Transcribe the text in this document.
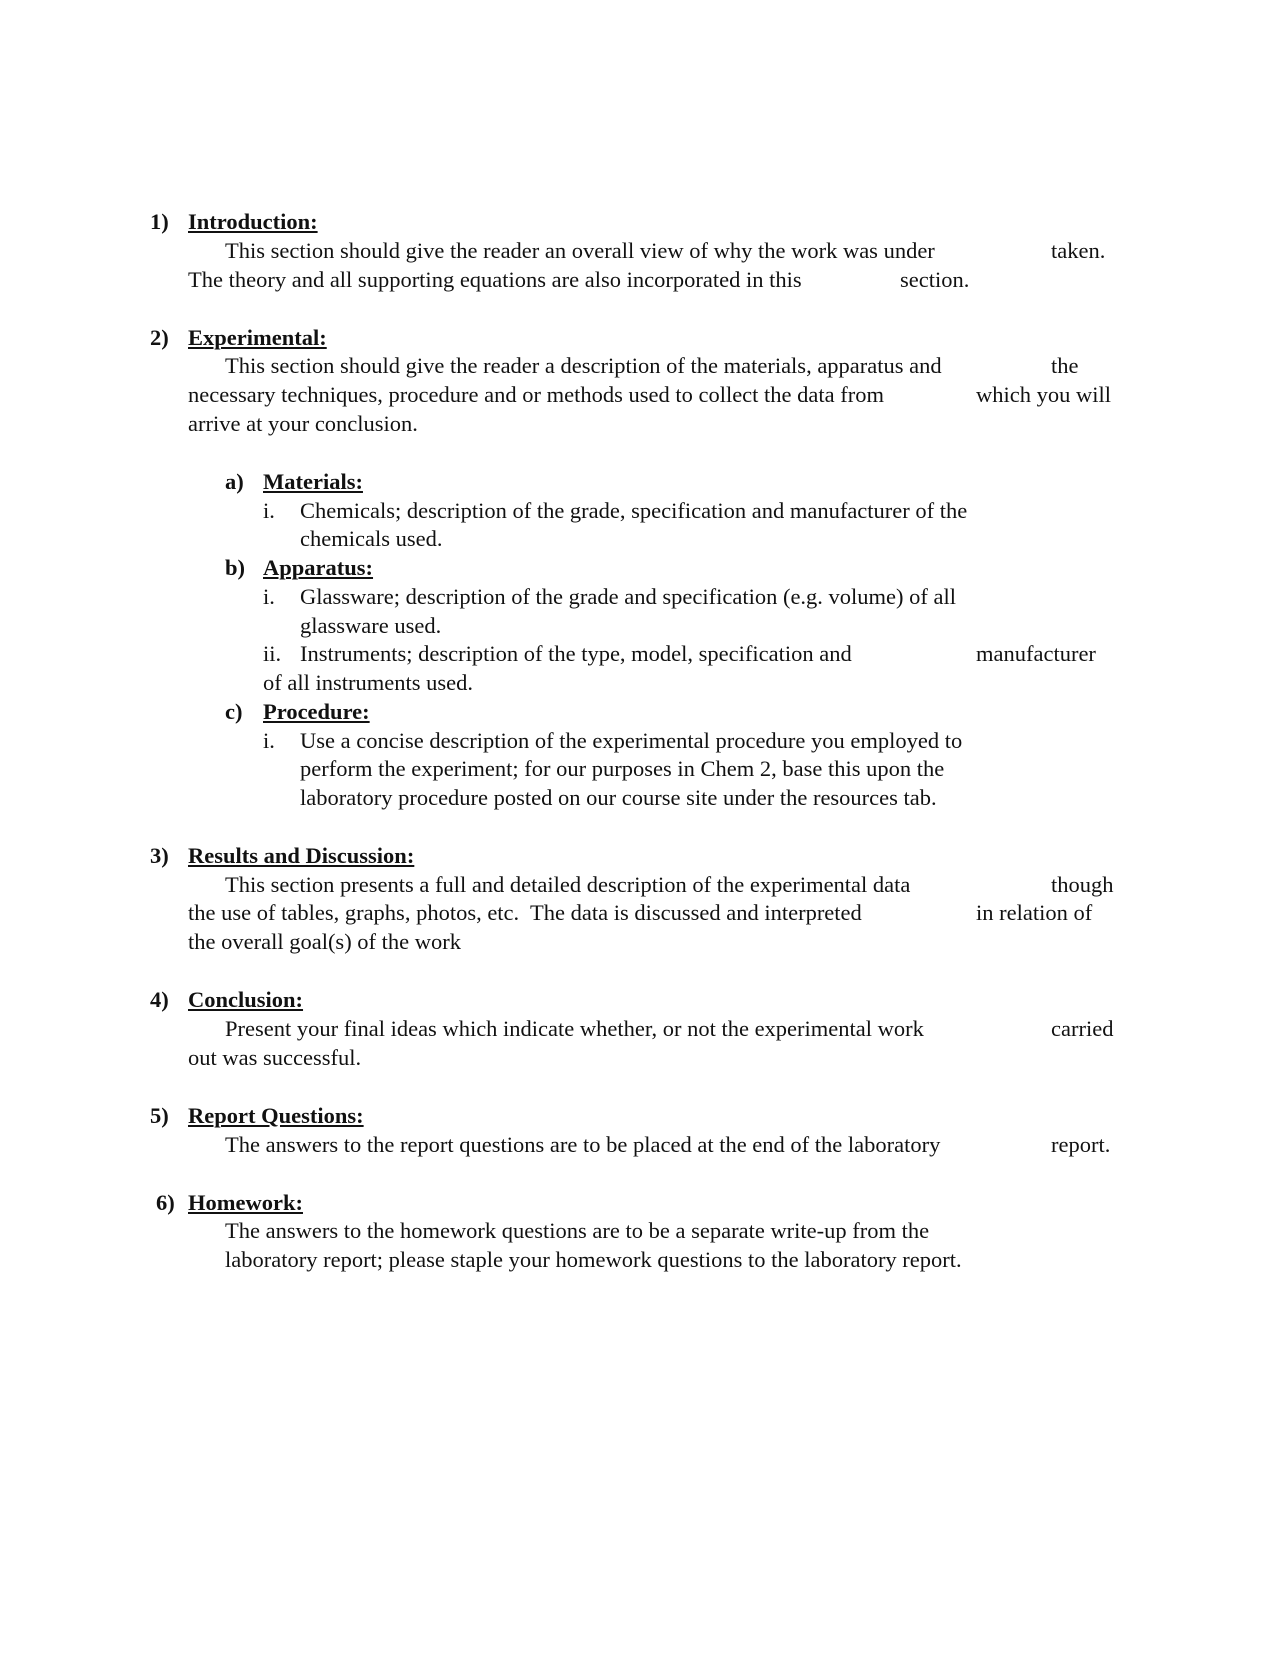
1) Introduction:
This section should give the reader an overall view of why the work was under	taken.
The theory and all supporting equations are also incorporated in this	section.
2) Experimental:
This section should give the reader a description of the materials, apparatus and	the
necessary techniques, procedure and or methods used to collect the data from	which you will
arrive at your conclusion.
a) Materials:
i. Chemicals; description of the grade, specification and manufacturer of the
chemicals used.
b) Apparatus:
i. Glassware; description of the grade and specification (e.g. volume) of all
glassware used.
ii. Instruments; description of the type, model, specification and	manufacturer
of all instruments used.
c) Procedure:
i. Use a concise description of the experimental procedure you employed to
perform the experiment; for our purposes in Chem 2, base this upon the
laboratory procedure posted on our course site under the resources tab.
3) Results and Discussion:
This section presents a full and detailed description of the experimental data	though
the use of tables, graphs, photos, etc.  The data is discussed and interpreted	in relation of
the overall goal(s) of the work
4) Conclusion:
Present your final ideas which indicate whether, or not the experimental work	carried
out was successful.
5) Report Questions:
The answers to the report questions are to be placed at the end of the laboratory	report.
6) Homework:
The answers to the homework questions are to be a separate write-up from the
laboratory report; please staple your homework questions to the laboratory report.
